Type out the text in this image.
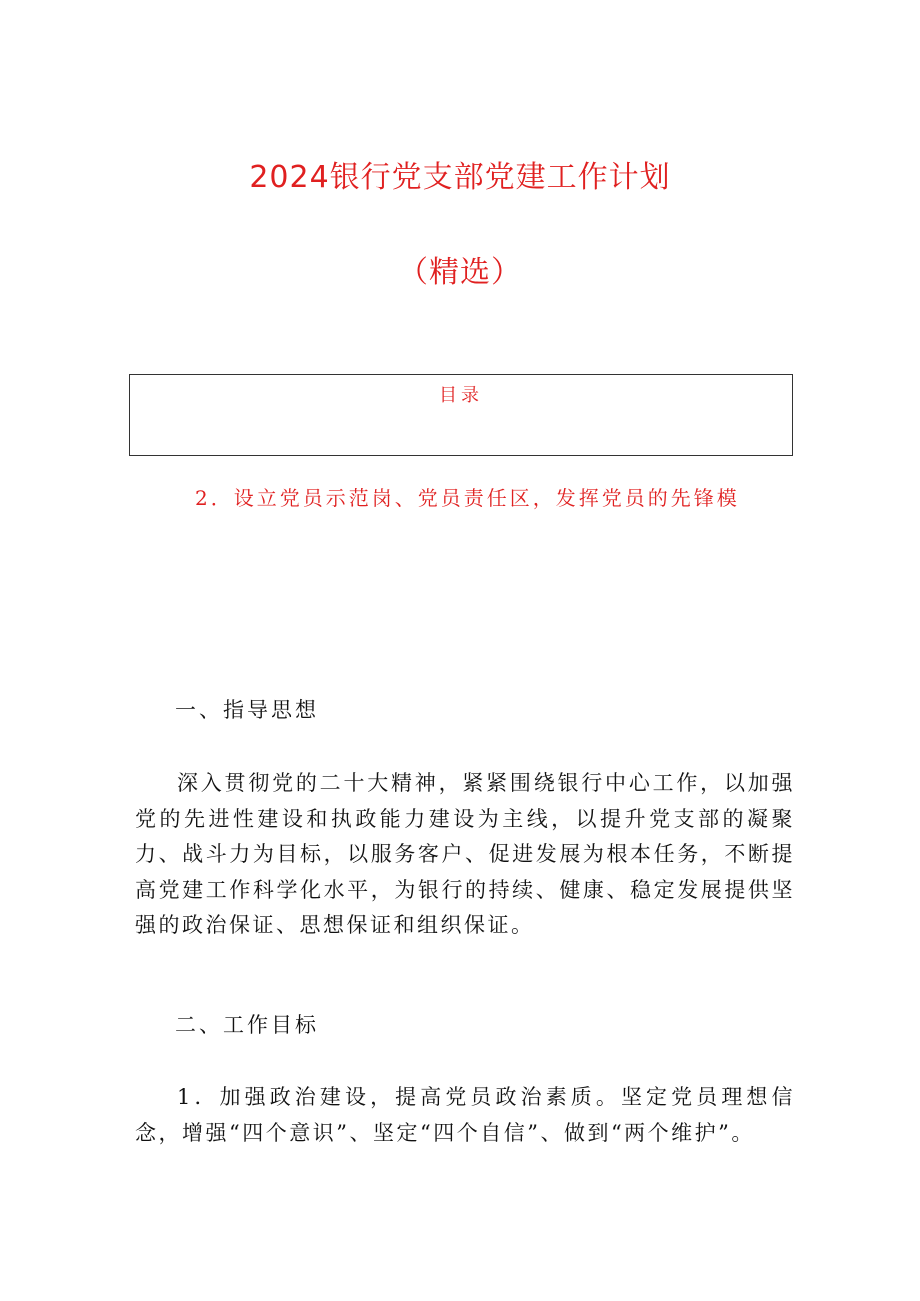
2024银行党支部党建工作计划
（精选）
目录
2．设立党员示范岗、党员责任区，发挥党员的先锋模
一、指导思想

深入贯彻党的二十大精神，紧紧围绕银行中心工作，以加强党的先进性建设和执政能力建设为主线，以提升党支部的凝聚力、战斗力为目标，以服务客户、促进发展为根本任务，不断提高党建工作科学化水平，为银行的持续、健康、稳定发展提供坚强的政治保证、思想保证和组织保证。

二、工作目标

1．加强政治建设，提高党员政治素质。坚定党员理想信念，增强“四个意识”、坚定“四个自信”、做到“两个维护”。
